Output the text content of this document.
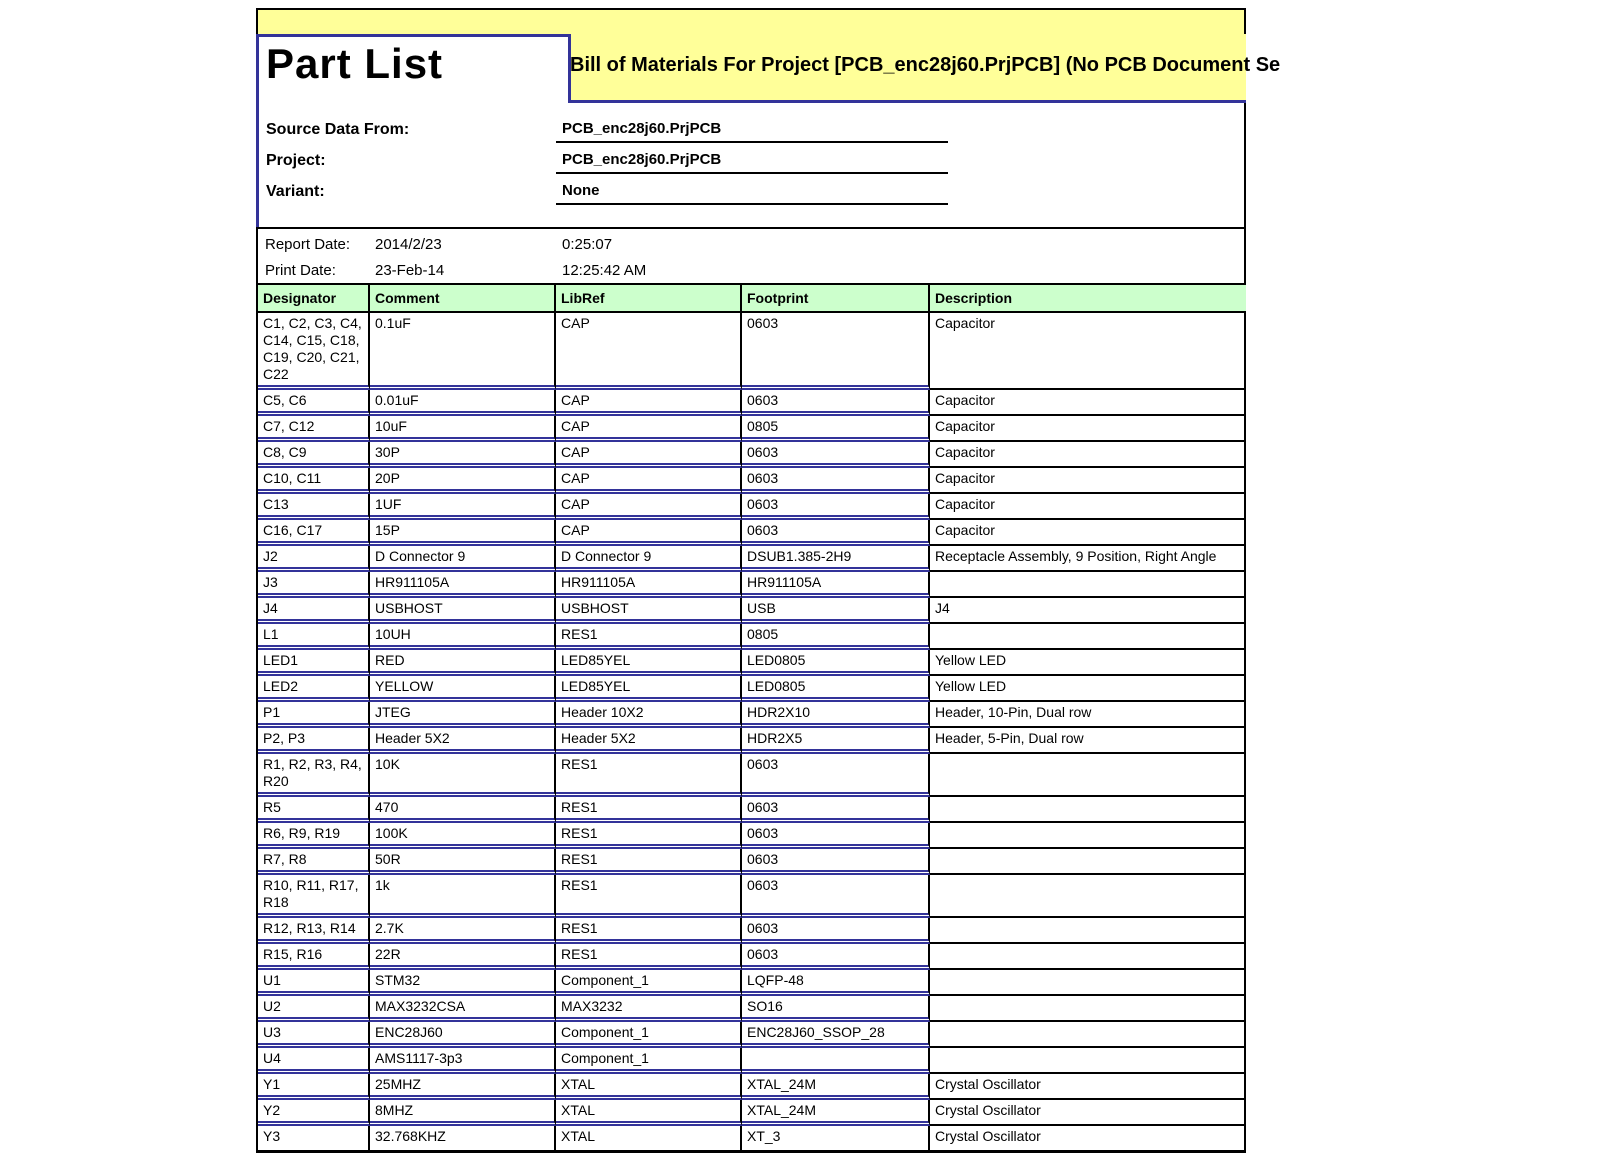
Bill of Materials For Project [PCB_enc28j60.PrjPCB] (No PCB Document Se
Part List
Source Data From:	PCB_enc28j60.PrjPCB
Project:	PCB_enc28j60.PrjPCB
Variant:	None
Report Date: 2014/2/23	0:25:07
Print Date:	23-Feb-14	12:25:42 AM
Designator	Comment	LibRef	Footprint	Description
C1, C2, C3, C4, C14, C15, C18, C19, C20, C21, C22	0.1uF	CAP	0603	Capacitor
C5, C6	0.01uF	CAP	0603	Capacitor
C7, C12	10uF	CAP	0805	Capacitor
C8, C9	30P	CAP	0603	Capacitor
C10, C11	20P	CAP	0603	Capacitor
C13	1UF	CAP	0603	Capacitor
C16, C17	15P	CAP	0603	Capacitor
J2	D Connector 9	D Connector 9	DSUB1.385-2H9	Receptacle Assembly, 9 Position, Right Angle
J3	HR911105A	HR911105A	HR911105A	
J4	USBHOST	USBHOST	USB	J4
L1	10UH	RES1	0805	
LED1	RED	LED85YEL	LED0805	Yellow LED
LED2	YELLOW	LED85YEL	LED0805	Yellow LED
P1	JTEG	Header 10X2	HDR2X10	Header, 10-Pin, Dual row
P2, P3	Header 5X2	Header 5X2	HDR2X5	Header, 5-Pin, Dual row
R1, R2, R3, R4, R20	10K	RES1	0603	
R5	470	RES1	0603	
R6, R9, R19	100K	RES1	0603	
R7, R8	50R	RES1	0603	
R10, R11, R17, R18	1k	RES1	0603	
R12, R13, R14	2.7K	RES1	0603	
R15, R16	22R	RES1	0603	
U1	STM32	Component_1	LQFP-48	
U2	MAX3232CSA	MAX3232	SO16	
U3	ENC28J60	Component_1	ENC28J60_SSOP_28	
U4	AMS1117-3p3	Component_1		
Y1	25MHZ	XTAL	XTAL_24M	Crystal Oscillator
Y2	8MHZ	XTAL	XTAL_24M	Crystal Oscillator
Y3	32.768KHZ	XTAL	XT_3	Crystal Oscillator
